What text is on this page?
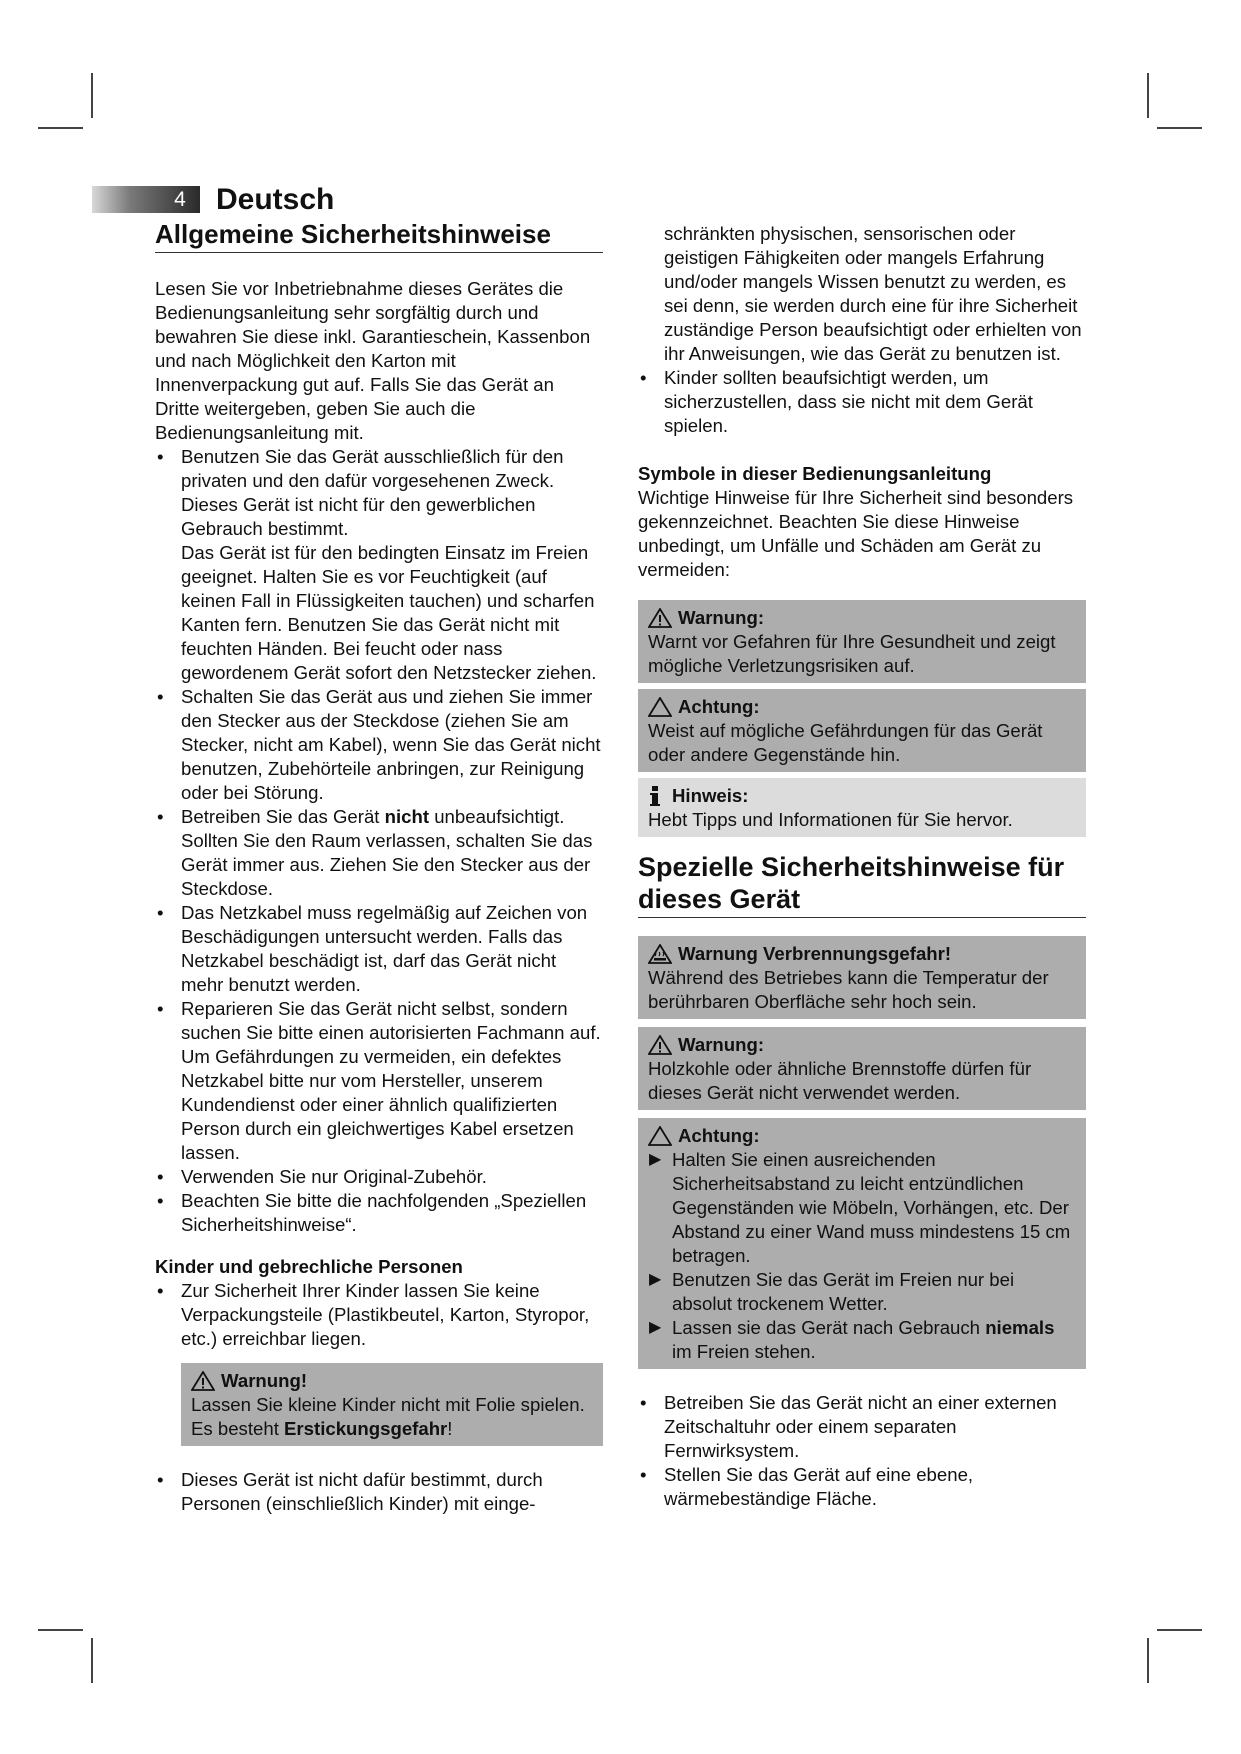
4	Deutsch
Allgemeine Sicherheitshinweise

Lesen Sie vor Inbetriebnahme dieses Gerätes die Bedienungsanleitung sehr sorgfältig durch und bewahren Sie diese inkl. Garantieschein, Kassenbon und nach Möglichkeit den Karton mit Innenverpackung gut auf. Falls Sie das Gerät an Dritte weitergeben, geben Sie auch die Bedienungsanleitung mit.

• Benutzen Sie das Gerät ausschließlich für den privaten und den dafür vorgesehenen Zweck. Dieses Gerät ist nicht für den gewerblichen Gebrauch bestimmt.
Das Gerät ist für den bedingten Einsatz im Freien geeignet. Halten Sie es vor Feuchtigkeit (auf keinen Fall in Flüssigkeiten tauchen) und scharfen Kanten fern. Benutzen Sie das Gerät nicht mit feuchten Händen. Bei feucht oder nass gewordenem Gerät sofort den Netzstecker ziehen.
• Schalten Sie das Gerät aus und ziehen Sie immer den Stecker aus der Steckdose (ziehen Sie am Stecker, nicht am Kabel), wenn Sie das Gerät nicht benutzen, Zubehörteile anbringen, zur Reinigung oder bei Störung.
• Betreiben Sie das Gerät nicht unbeaufsichtigt. Sollten Sie den Raum verlassen, schalten Sie das Gerät immer aus. Ziehen Sie den Stecker aus der Steckdose.
• Das Netzkabel muss regelmäßig auf Zeichen von Beschädigungen untersucht werden. Falls das Netzkabel beschädigt ist, darf das Gerät nicht mehr benutzt werden.
• Reparieren Sie das Gerät nicht selbst, sondern suchen Sie bitte einen autorisierten Fachmann auf. Um Gefährdungen zu vermeiden, ein defektes Netzkabel bitte nur vom Hersteller, unserem Kundendienst oder einer ähnlich qualifizierten Person durch ein gleichwertiges Kabel ersetzen lassen.
• Verwenden Sie nur Original-Zubehör.
• Beachten Sie bitte die nachfolgenden „Speziellen Sicherheitshinweise“.
Kinder und gebrechliche Personen
• Zur Sicherheit Ihrer Kinder lassen Sie keine Verpackungsteile (Plastikbeutel, Karton, Styropor, etc.) erreichbar liegen.
Warnung!
Lassen Sie kleine Kinder nicht mit Folie spielen. Es besteht Erstickungsgefahr!
• Dieses Gerät ist nicht dafür bestimmt, durch Personen (einschließlich Kinder) mit einge-

schränkten physischen, sensorischen oder geistigen Fähigkeiten oder mangels Erfahrung und/oder mangels Wissen benutzt zu werden, es sei denn, sie werden durch eine für ihre Sicherheit zuständige Person beaufsichtigt oder erhielten von ihr Anweisungen, wie das Gerät zu benutzen ist.

• Kinder sollten beaufsichtigt werden, um sicherzustellen, dass sie nicht mit dem Gerät spielen.
Symbole in dieser Bedienungsanleitung

Wichtige Hinweise für Ihre Sicherheit sind besonders gekennzeichnet. Beachten Sie diese Hinweise unbedingt, um Unfälle und Schäden am Gerät zu vermeiden:

Warnung:
Warnt vor Gefahren für Ihre Gesundheit und zeigt mögliche Verletzungsrisiken auf.
Achtung:
Weist auf mögliche Gefährdungen für das Gerät oder andere Gegenstände hin.
Hinweis:
Hebt Tipps und Informationen für Sie hervor.
Spezielle Sicherheitshinweise für dieses Gerät
Warnung Verbrennungsgefahr!
Während des Betriebes kann die Temperatur der berührbaren Oberfläche sehr hoch sein.
Warnung:
Holzkohle oder ähnliche Brennstoffe dürfen für dieses Gerät nicht verwendet werden.
Achtung:
▶ Halten Sie einen ausreichenden Sicherheitsabstand zu leicht entzündlichen Gegenständen wie Möbeln, Vorhängen, etc. Der Abstand zu einer Wand muss mindestens 15 cm betragen.
▶ Benutzen Sie das Gerät im Freien nur bei absolut trockenem Wetter.
▶ Lassen sie das Gerät nach Gebrauch niemals im Freien stehen.
• Betreiben Sie das Gerät nicht an einer externen Zeitschaltuhr oder einem separaten Fernwirksystem.
• Stellen Sie das Gerät auf eine ebene, wärmebeständige Fläche.
